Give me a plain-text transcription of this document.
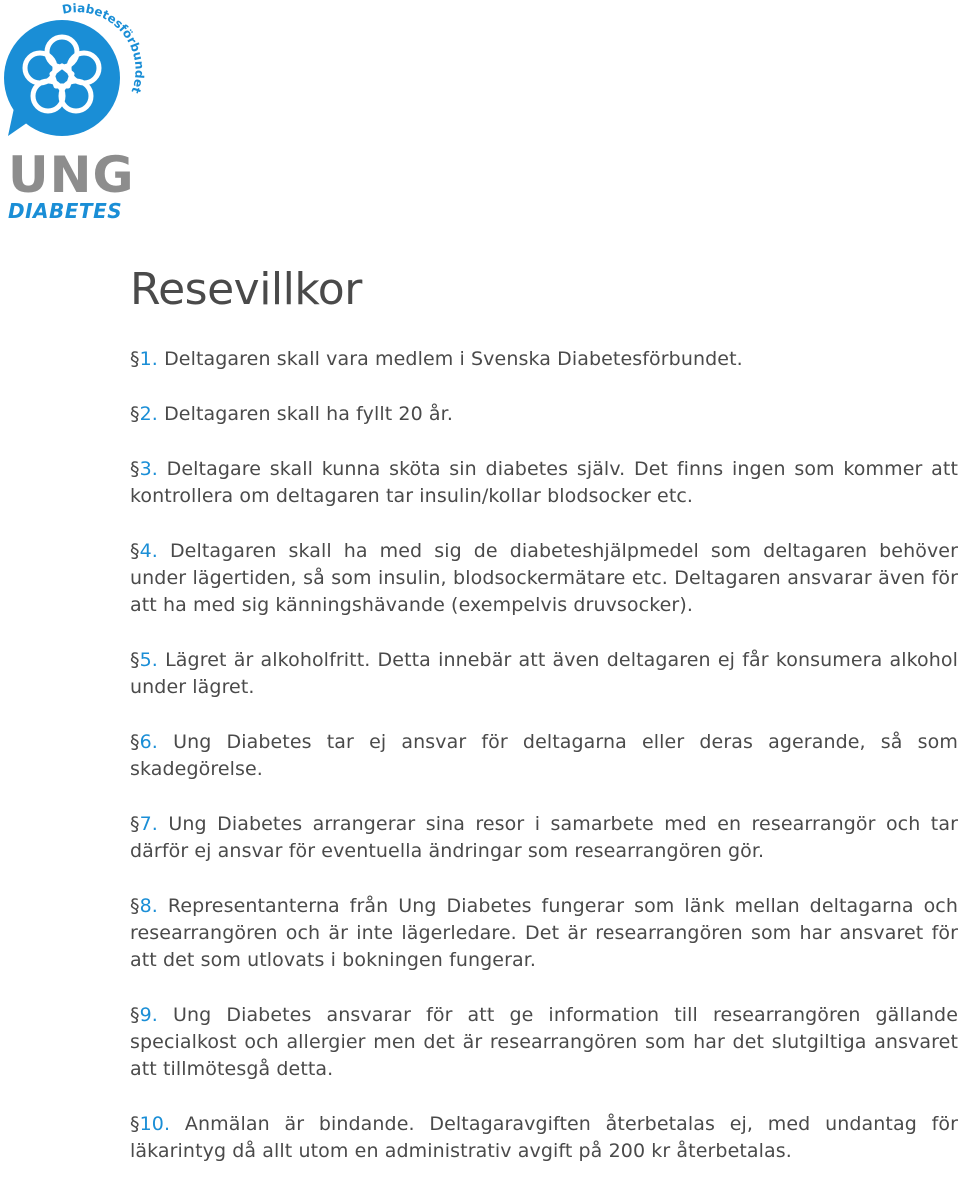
Diabetesförbundet
UNG
DIABETES
Resevillkor

§1. Deltagaren skall vara medlem i Svenska Diabetesförbundet.

§2. Deltagaren skall ha fyllt 20 år.

§3. Deltagare skall kunna sköta sin diabetes själv. Det finns ingen som kommer att kontrollera om deltagaren tar insulin/kollar blodsocker etc.

§4. Deltagaren skall ha med sig de diabeteshjälpmedel som deltagaren behöver under lägertiden, så som insulin, blodsockermätare etc. Deltagaren ansvarar även för att ha med sig känningshävande (exempelvis druvsocker).

§5. Lägret är alkoholfritt. Detta innebär att även deltagaren ej får konsumera alkohol under lägret.

§6. Ung Diabetes tar ej ansvar för deltagarna eller deras agerande, så som skadegörelse.

§7. Ung Diabetes arrangerar sina resor i samarbete med en researrangör och tar därför ej ansvar för eventuella ändringar som researrangören gör.

§8. Representanterna från Ung Diabetes fungerar som länk mellan deltagarna och researrangören och är inte lägerledare. Det är researrangören som har ansvaret för att det som utlovats i bokningen fungerar.

§9. Ung Diabetes ansvarar för att ge information till researrangören gällande specialkost och allergier men det är researrangören som har det slutgiltiga ansvaret att tillmötesgå detta.

§10. Anmälan är bindande. Deltagaravgiften återbetalas ej, med undantag för läkarintyg då allt utom en administrativ avgift på 200 kr återbetalas.
